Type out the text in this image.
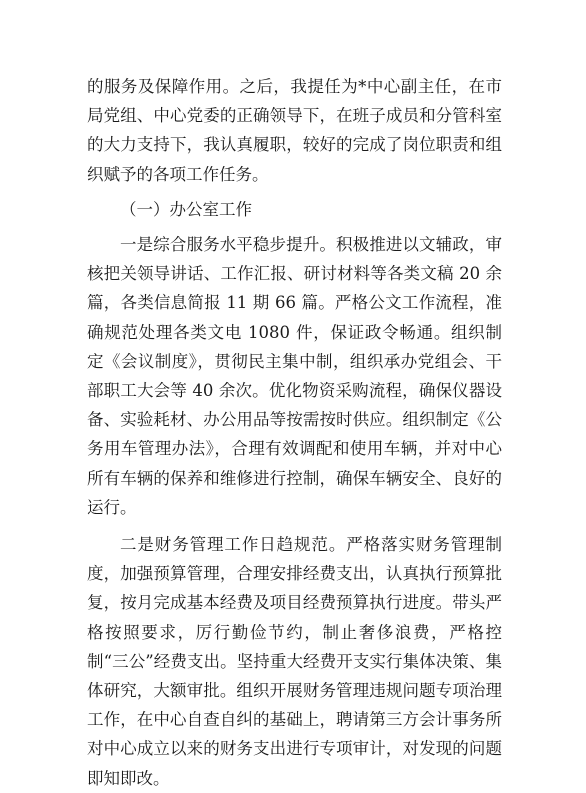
的服务及保障作用。之后，我提任为*中心副主任，在市局党组、中心党委的正确领导下，在班子成员和分管科室的大力支持下，我认真履职，较好的完成了岗位职责和组织赋予的各项工作任务。

（一）办公室工作

一是综合服务水平稳步提升。积极推进以文辅政，审核把关领导讲话、工作汇报、研讨材料等各类文稿 20 余篇，各类信息简报 11 期 66 篇。严格公文工作流程，准确规范处理各类文电 1080 件，保证政令畅通。组织制定《会议制度》，贯彻民主集中制，组织承办党组会、干部职工大会等 40 余次。优化物资采购流程，确保仪器设备、实验耗材、办公用品等按需按时供应。组织制定《公务用车管理办法》，合理有效调配和使用车辆，并对中心所有车辆的保养和维修进行控制，确保车辆安全、良好的运行。

二是财务管理工作日趋规范。严格落实财务管理制度，加强预算管理，合理安排经费支出，认真执行预算批复，按月完成基本经费及项目经费预算执行进度。带头严格按照要求，厉行勤俭节约，制止奢侈浪费，严格控制“三公”经费支出。坚持重大经费开支实行集体决策、集体研究，大额审批。组织开展财务管理违规问题专项治理工作，在中心自查自纠的基础上，聘请第三方会计事务所对中心成立以来的财务支出进行专项审计，对发现的问题即知即改。
